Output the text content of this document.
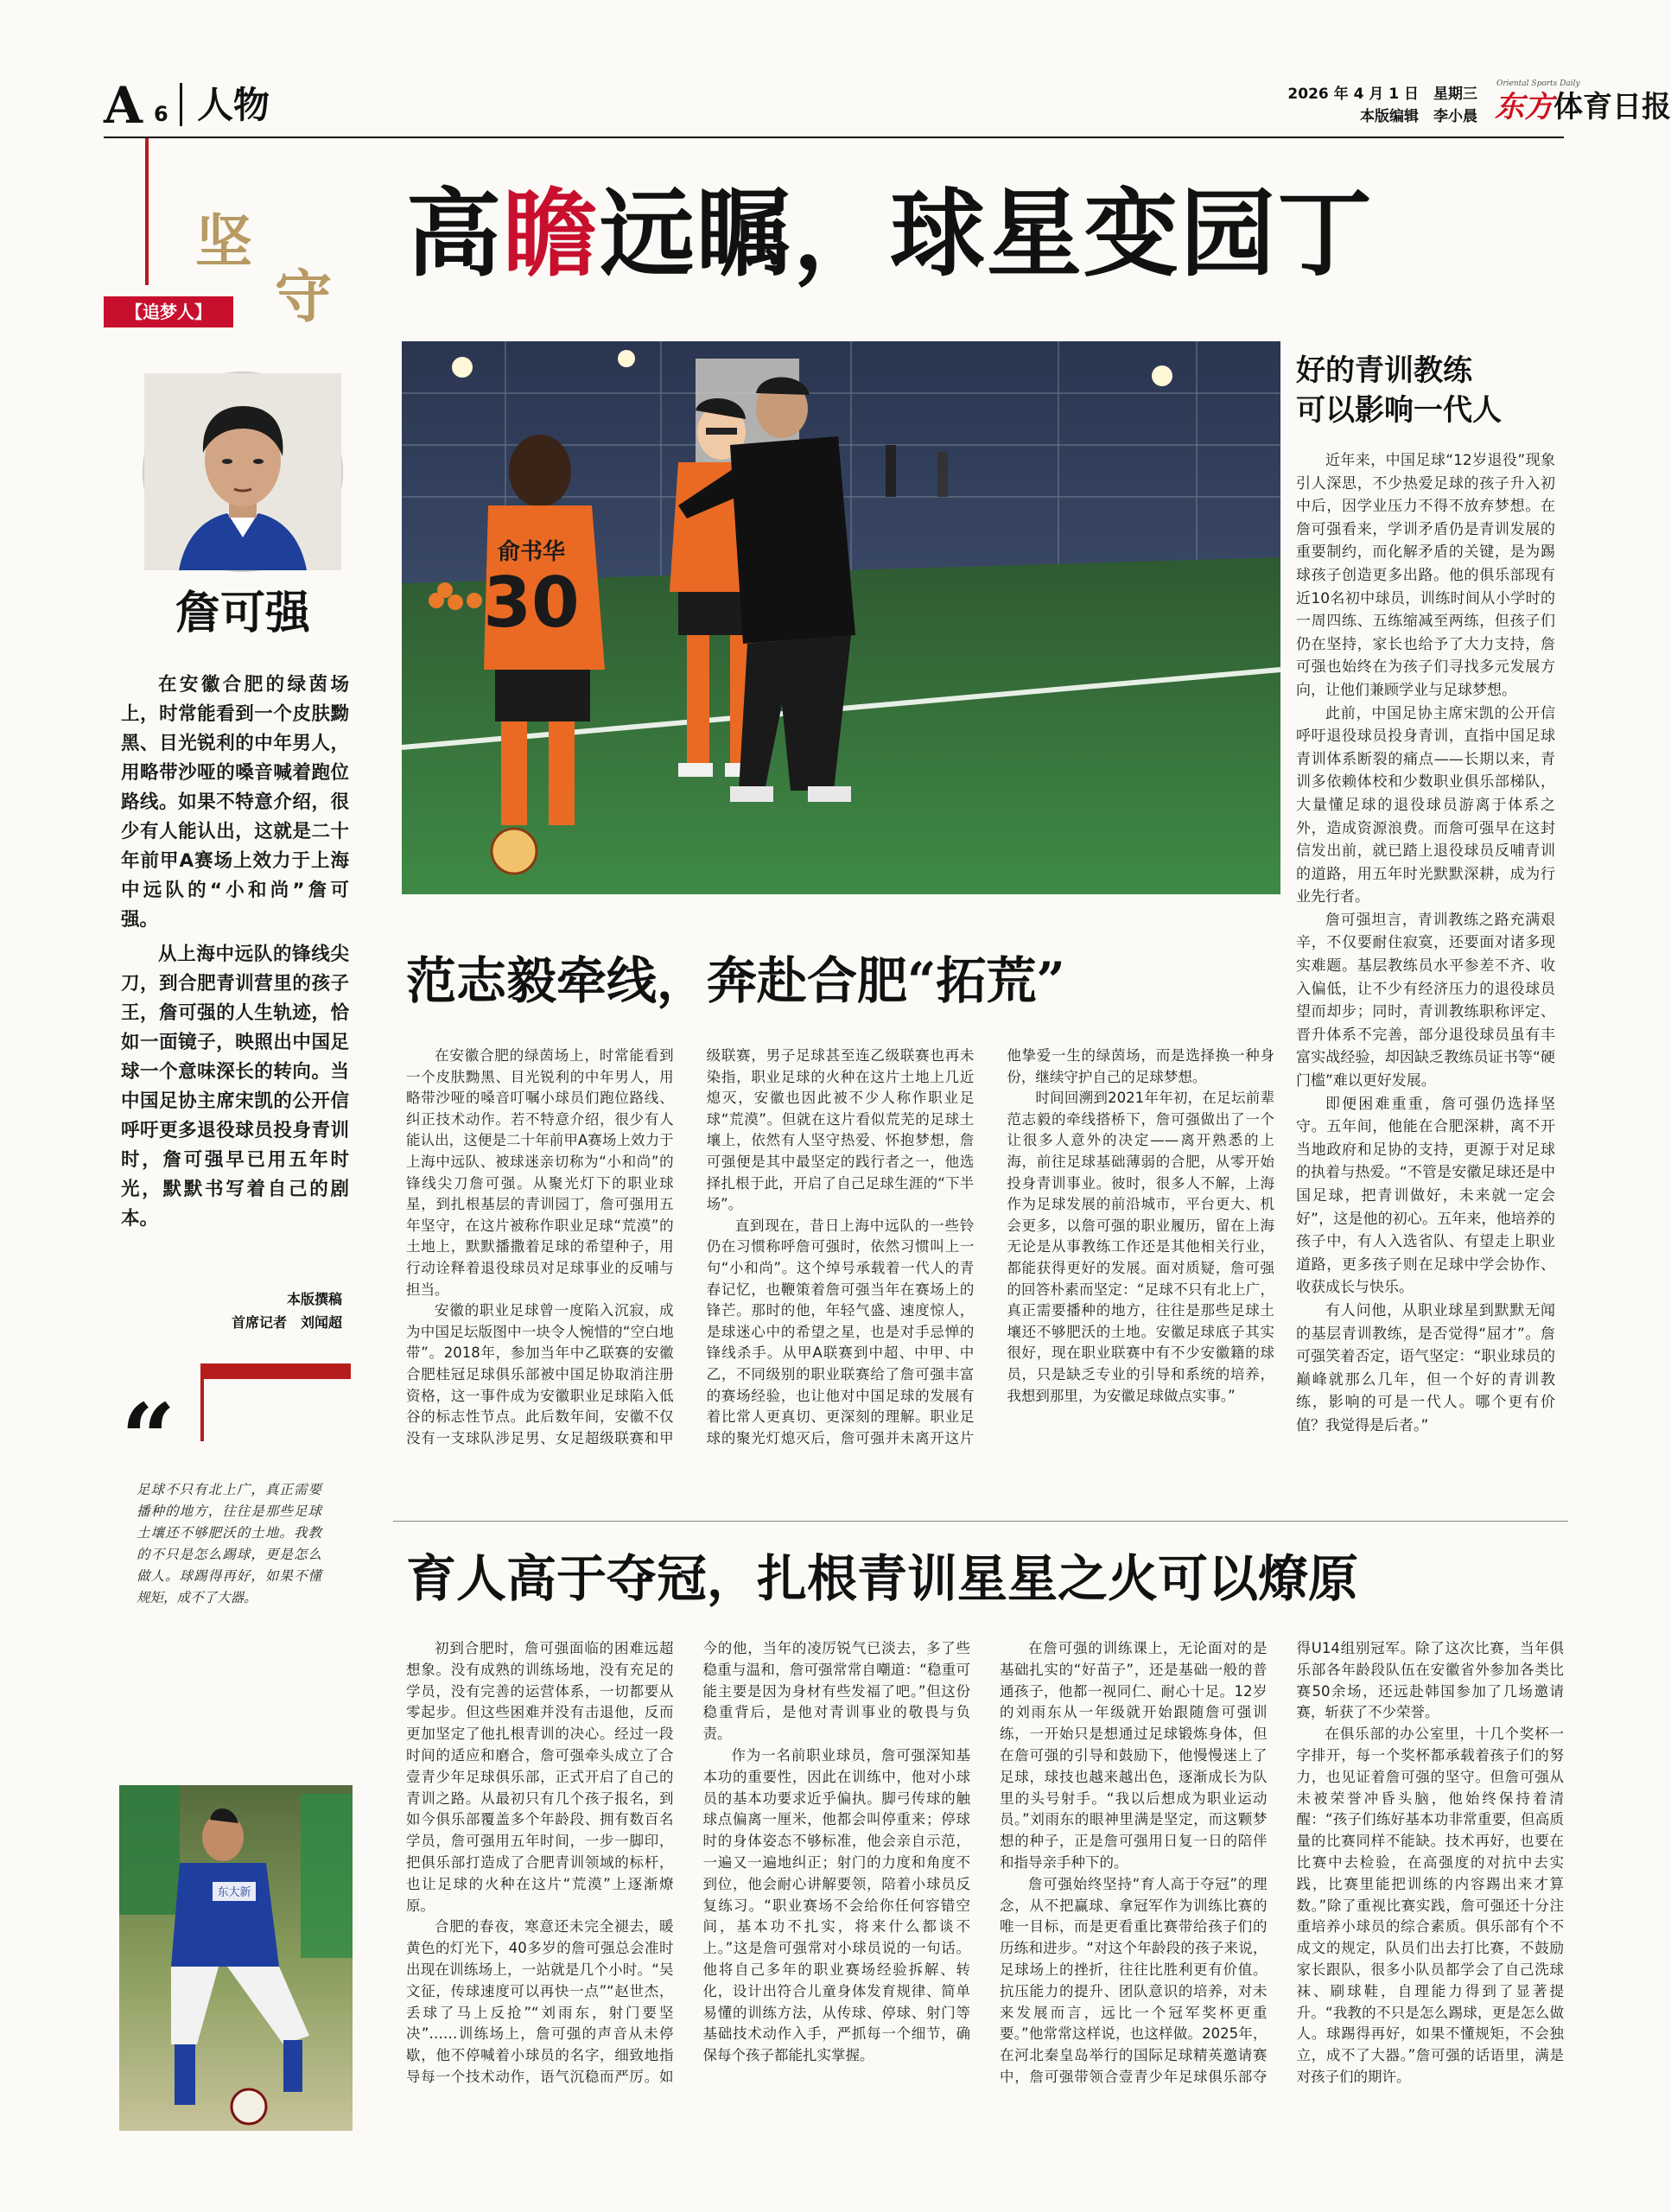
A 6 人物	2026 年 4 月 1 日　 星期三
本版编辑　李小晨
Oriental Sports Daily
东方体育日报
坚
守
【追梦人】
高瞻远瞩，球星变园丁
詹可强

在安徽合肥的绿茵场上，时常能看到一个皮肤黝黑、目光锐利的中年男人，用略带沙哑的嗓音喊着跑位路线。如果不特意介绍，很少有人能认出，这就是二十年前甲A赛场上效力于上海中远队的“小和尚”詹可强。

从上海中远队的锋线尖刀，到合肥青训营里的孩子王，詹可强的人生轨迹，恰如一面镜子，映照出中国足球一个意味深长的转向。当中国足协主席宋凯的公开信呼吁更多退役球员投身青训时，詹可强早已用五年时光，默默书写着自己的剧本。

本版撰稿
首席记者　刘闻超
“
足球不只有北上广，真正需要播种的地方，往往是那些足球土壤还不够肥沃的土地。我教的不只是怎么踢球，更是怎么做人。球踢得再好，如果不懂规矩，成不了大器。
东大新
俞书华
30
好的青训教练
可以影响一代人

近年来，中国足球“12岁退役”现象引人深思，不少热爱足球的孩子升入初中后，因学业压力不得不放弃梦想。在詹可强看来，学训矛盾仍是青训发展的重要制约，而化解矛盾的关键，是为踢球孩子创造更多出路。他的俱乐部现有近10名初中球员，训练时间从小学时的一周四练、五练缩减至两练，但孩子们仍在坚持，家长也给予了大力支持，詹可强也始终在为孩子们寻找多元发展方向，让他们兼顾学业与足球梦想。

此前，中国足协主席宋凯的公开信呼吁退役球员投身青训，直指中国足球青训体系断裂的痛点——长期以来，青训多依赖体校和少数职业俱乐部梯队，大量懂足球的退役球员游离于体系之外，造成资源浪费。而詹可强早在这封信发出前，就已踏上退役球员反哺青训的道路，用五年时光默默深耕，成为行业先行者。

詹可强坦言，青训教练之路充满艰辛，不仅要耐住寂寞，还要面对诸多现实难题。基层教练员水平参差不齐、收入偏低，让不少有经济压力的退役球员望而却步；同时，青训教练职称评定、晋升体系不完善，部分退役球员虽有丰富实战经验，却因缺乏教练员证书等“硬门槛”难以更好发展。

即便困难重重，詹可强仍选择坚守。五年间，他能在合肥深耕，离不开当地政府和足协的支持，更源于对足球的执着与热爱。“不管是安徽足球还是中国足球，把青训做好，未来就一定会好”，这是他的初心。五年来，他培养的孩子中，有人入选省队、有望走上职业道路，更多孩子则在足球中学会协作、收获成长与快乐。

有人问他，从职业球星到默默无闻的基层青训教练，是否觉得“屈才”。詹可强笑着否定，语气坚定：“职业球员的巅峰就那么几年，但一个好的青训教练，影响的可是一代人。哪个更有价值？我觉得是后者。”

范志毅牵线，奔赴合肥“拓荒”

在安徽合肥的绿茵场上，时常能看到一个皮肤黝黑、目光锐利的中年男人，用略带沙哑的嗓音叮嘱小球员们跑位路线、纠正技术动作。若不特意介绍，很少有人能认出，这便是二十年前甲A赛场上效力于上海中远队、被球迷亲切称为“小和尚”的锋线尖刀詹可强。从聚光灯下的职业球星，到扎根基层的青训园丁，詹可强用五年坚守，在这片被称作职业足球“荒漠”的土地上，默默播撒着足球的希望种子，用行动诠释着退役球员对足球事业的反哺与担当。

安徽的职业足球曾一度陷入沉寂，成为中国足坛版图中一块令人惋惜的“空白地带”。2018年，参加当年中乙联赛的安徽合肥桂冠足球俱乐部被中国足协取消注册资格，这一事件成为安徽职业足球陷入低谷的标志性节点。此后数年间，安徽不仅没有一支球队涉足男、女足超级联赛和甲级联赛，男子足球甚至连乙级联赛也再未染指，职业足球的火种在这片土地上几近熄灭，安徽也因此被不少人称作职业足球“荒漠”。但就在这片看似荒芜的足球土壤上，依然有人坚守热爱、怀抱梦想，詹可强便是其中最坚定的践行者之一，他选择扎根于此，开启了自己足球生涯的“下半场”。

直到现在，昔日上海中远队的一些铃仍在习惯称呼詹可强时，依然习惯叫上一句“小和尚”。这个绰号承载着一代人的青春记忆，也鞭策着詹可强当年在赛场上的锋芒。那时的他，年轻气盛、速度惊人，是球迷心中的希望之星，也是对手忌惮的锋线杀手。从甲A联赛到中超、中甲、中乙，不同级别的职业联赛给了詹可强丰富的赛场经验，也让他对中国足球的发展有着比常人更真切、更深刻的理解。职业足球的聚光灯熄灭后，詹可强并未离开这片他挚爱一生的绿茵场，而是选择换一种身份，继续守护自己的足球梦想。

时间回溯到2021年年初，在足坛前辈范志毅的牵线搭桥下，詹可强做出了一个让很多人意外的决定——离开熟悉的上海，前往足球基础薄弱的合肥，从零开始投身青训事业。彼时，很多人不解，上海作为足球发展的前沿城市，平台更大、机会更多，以詹可强的职业履历，留在上海无论是从事教练工作还是其他相关行业，都能获得更好的发展。面对质疑，詹可强的回答朴素而坚定：“足球不只有北上广，真正需要播种的地方，往往是那些足球土壤还不够肥沃的土地。安徽足球底子其实很好，现在职业联赛中有不少安徽籍的球员，只是缺乏专业的引导和系统的培养，我想到那里，为安徽足球做点实事。”

育人高于夺冠，扎根青训星星之火可以燎原

初到合肥时，詹可强面临的困难远超想象。没有成熟的训练场地，没有充足的学员，没有完善的运营体系，一切都要从零起步。但这些困难并没有击退他，反而更加坚定了他扎根青训的决心。经过一段时间的适应和磨合，詹可强牵头成立了合壹青少年足球俱乐部，正式开启了自己的青训之路。从最初只有几个孩子报名，到如今俱乐部覆盖多个年龄段、拥有数百名学员，詹可强用五年时间，一步一脚印，把俱乐部打造成了合肥青训领域的标杆，也让足球的火种在这片“荒漠”上逐渐燎原。

合肥的春夜，寒意还未完全褪去，暖黄色的灯光下，40多岁的詹可强总会准时出现在训练场上，一站就是几个小时。“吴文征，传球速度可以再快一点”“赵世杰，丢球了马上反抢”“刘雨东，射门要坚决”……训练场上，詹可强的声音从未停歇，他不停喊着小球员的名字，细致地指导每一个技术动作，语气沉稳而严厉。如今的他，当年的凌厉锐气已淡去，多了些稳重与温和，詹可强常常自嘲道：“稳重可能主要是因为身材有些发福了吧。”但这份稳重背后，是他对青训事业的敬畏与负责。

作为一名前职业球员，詹可强深知基本功的重要性，因此在训练中，他对小球员的基本功要求近乎偏执。脚弓传球的触球点偏离一厘米，他都会叫停重来；停球时的身体姿态不够标准，他会亲自示范，一遍又一遍地纠正；射门的力度和角度不到位，他会耐心讲解要领，陪着小球员反复练习。“职业赛场不会给你任何容错空间，基本功不扎实，将来什么都谈不上。”这是詹可强常对小球员说的一句话。他将自己多年的职业赛场经验拆解、转化，设计出符合儿童身体发育规律、简单易懂的训练方法，从传球、停球、射门等基础技术动作入手，严抓每一个细节，确保每个孩子都能扎实掌握。

在詹可强的训练课上，无论面对的是基础扎实的“好苗子”，还是基础一般的普通孩子，他都一视同仁、耐心十足。12岁的刘雨东从一年级就开始跟随詹可强训练，一开始只是想通过足球锻炼身体，但在詹可强的引导和鼓励下，他慢慢迷上了足球，球技也越来越出色，逐渐成长为队里的头号射手。“我以后想成为职业运动员。”刘雨东的眼神里满是坚定，而这颗梦想的种子，正是詹可强用日复一日的陪伴和指导亲手种下的。

詹可强始终坚持“育人高于夺冠”的理念，从不把赢球、拿冠军作为训练比赛的唯一目标，而是更看重比赛带给孩子们的历练和进步。“对这个年龄段的孩子来说，足球场上的挫折，往往比胜利更有价值。抗压能力的提升、团队意识的培养，对未来发展而言，远比一个冠军奖杯更重要。”他常常这样说，也这样做。2025年，在河北秦皇岛举行的国际足球精英邀请赛中，詹可强带领合壹青少年足球俱乐部夺得U14组别冠军。除了这次比赛，当年俱乐部各年龄段队伍在安徽省外参加各类比赛50余场，还远赴韩国参加了几场邀请赛，斩获了不少荣誉。

在俱乐部的办公室里，十几个奖杯一字排开，每一个奖杯都承载着孩子们的努力，也见证着詹可强的坚守。但詹可强从未被荣誉冲昏头脑，他始终保持着清醒：“孩子们练好基本功非常重要，但高质量的比赛同样不能缺。技术再好，也要在比赛中去检验，在高强度的对抗中去实践，比赛里能把训练的内容踢出来才算数。”除了重视比赛实践，詹可强还十分注重培养小球员的综合素质。俱乐部有个不成文的规定，队员们出去打比赛，不鼓励家长跟队，很多小队员都学会了自己洗球袜、刷球鞋，自理能力得到了显著提升。“我教的不只是怎么踢球，更是怎么做人。球踢得再好，如果不懂规矩，不会独立，成不了大器。”詹可强的话语里，满是对孩子们的期许。
